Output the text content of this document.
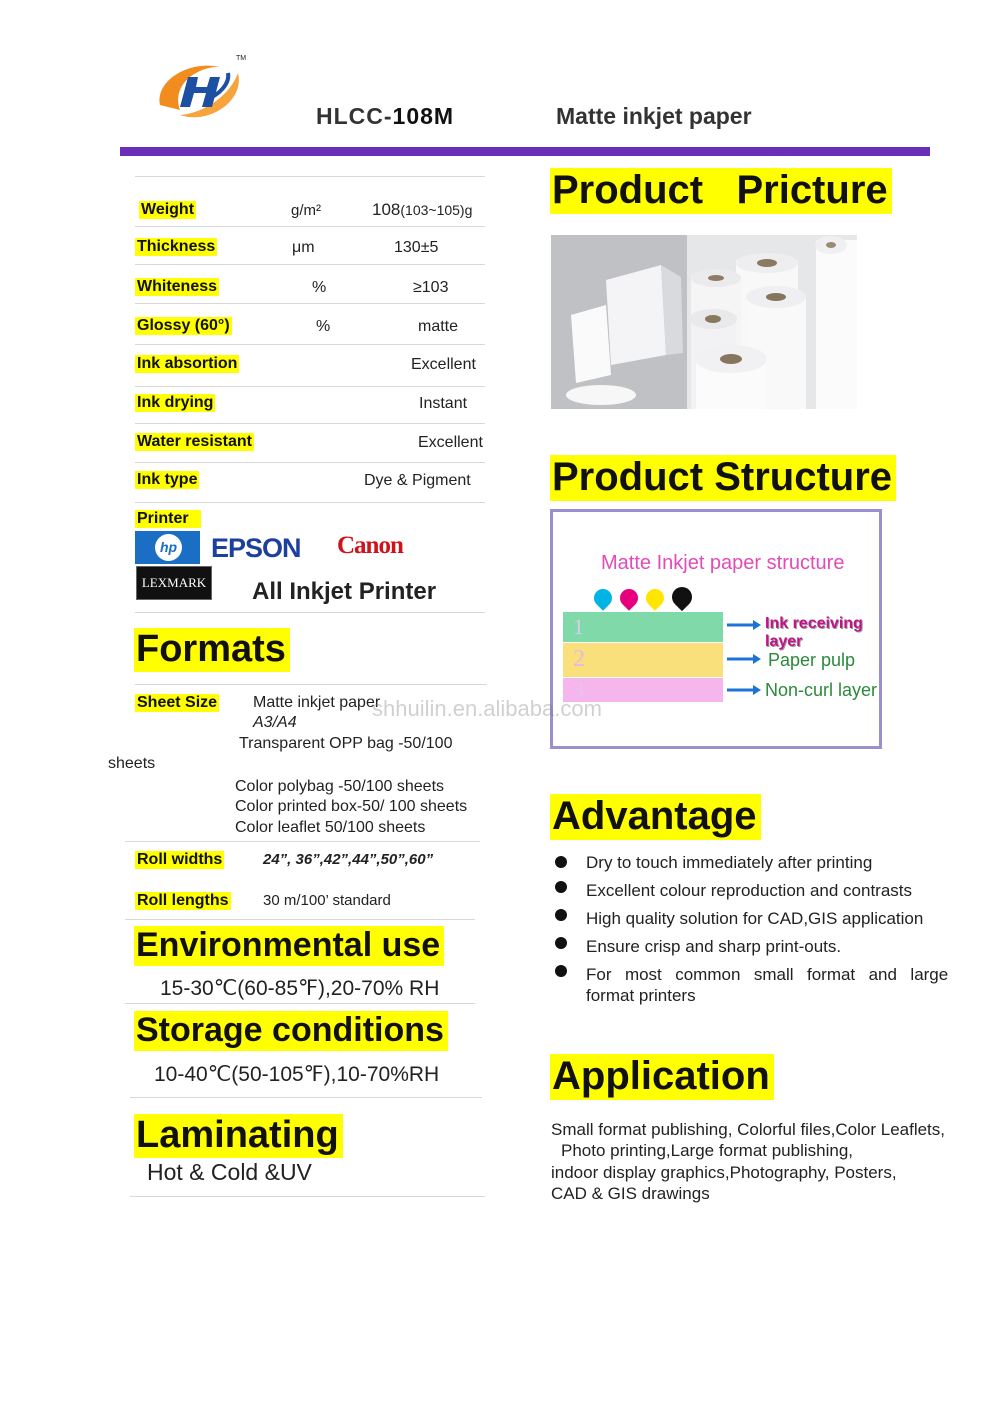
TM
HLCC-108M	Matte inkjet paper
Weight	g/m²	108(103~105)g
Thickness	μm	130±5
Whiteness	%	≥103
Glossy (60°)	%	matte
Ink absortion	Excellent
Ink drying	Instant
Water resistant	Excellent
Ink type	Dye & Pigment
Printer
hp EPSON Canon
LEXMARK All Inkjet Printer
Formats
Sheet Size Matte inkjet paper
A3/A4
Transparent OPP bag -50/100
sheets
Color polybag -50/100 sheets
Color printed box-50/ 100 sheets
Color leaflet 50/100 sheets
Roll widths	24”, 36”,42”,44”,50”,60”
Roll lengths 30 m/100’ standard
Environmental use
15-30℃(60-85℉),20-70% RH
Storage conditions
10-40℃(50-105℉),10-70%RH
Laminating
Hot & Cold &UV
Product   Pricture
Product Structure
Matte Inkjet paper structure
1
2
3
Ink receiving layer
Paper pulp
Non-curl layer
shhuilin.en.alibaba.com
Advantage
Dry to touch immediately after printing
Excellent colour reproduction and contrasts
High quality solution for CAD,GIS application
Ensure crisp and sharp print-outs.
For  most  common  small  format  and  large
format printers
Application
Small format publishing, Colorful files,Color Leaflets,
Photo printing,Large format publishing,
indoor display graphics,Photography, Posters,
CAD & GIS drawings
